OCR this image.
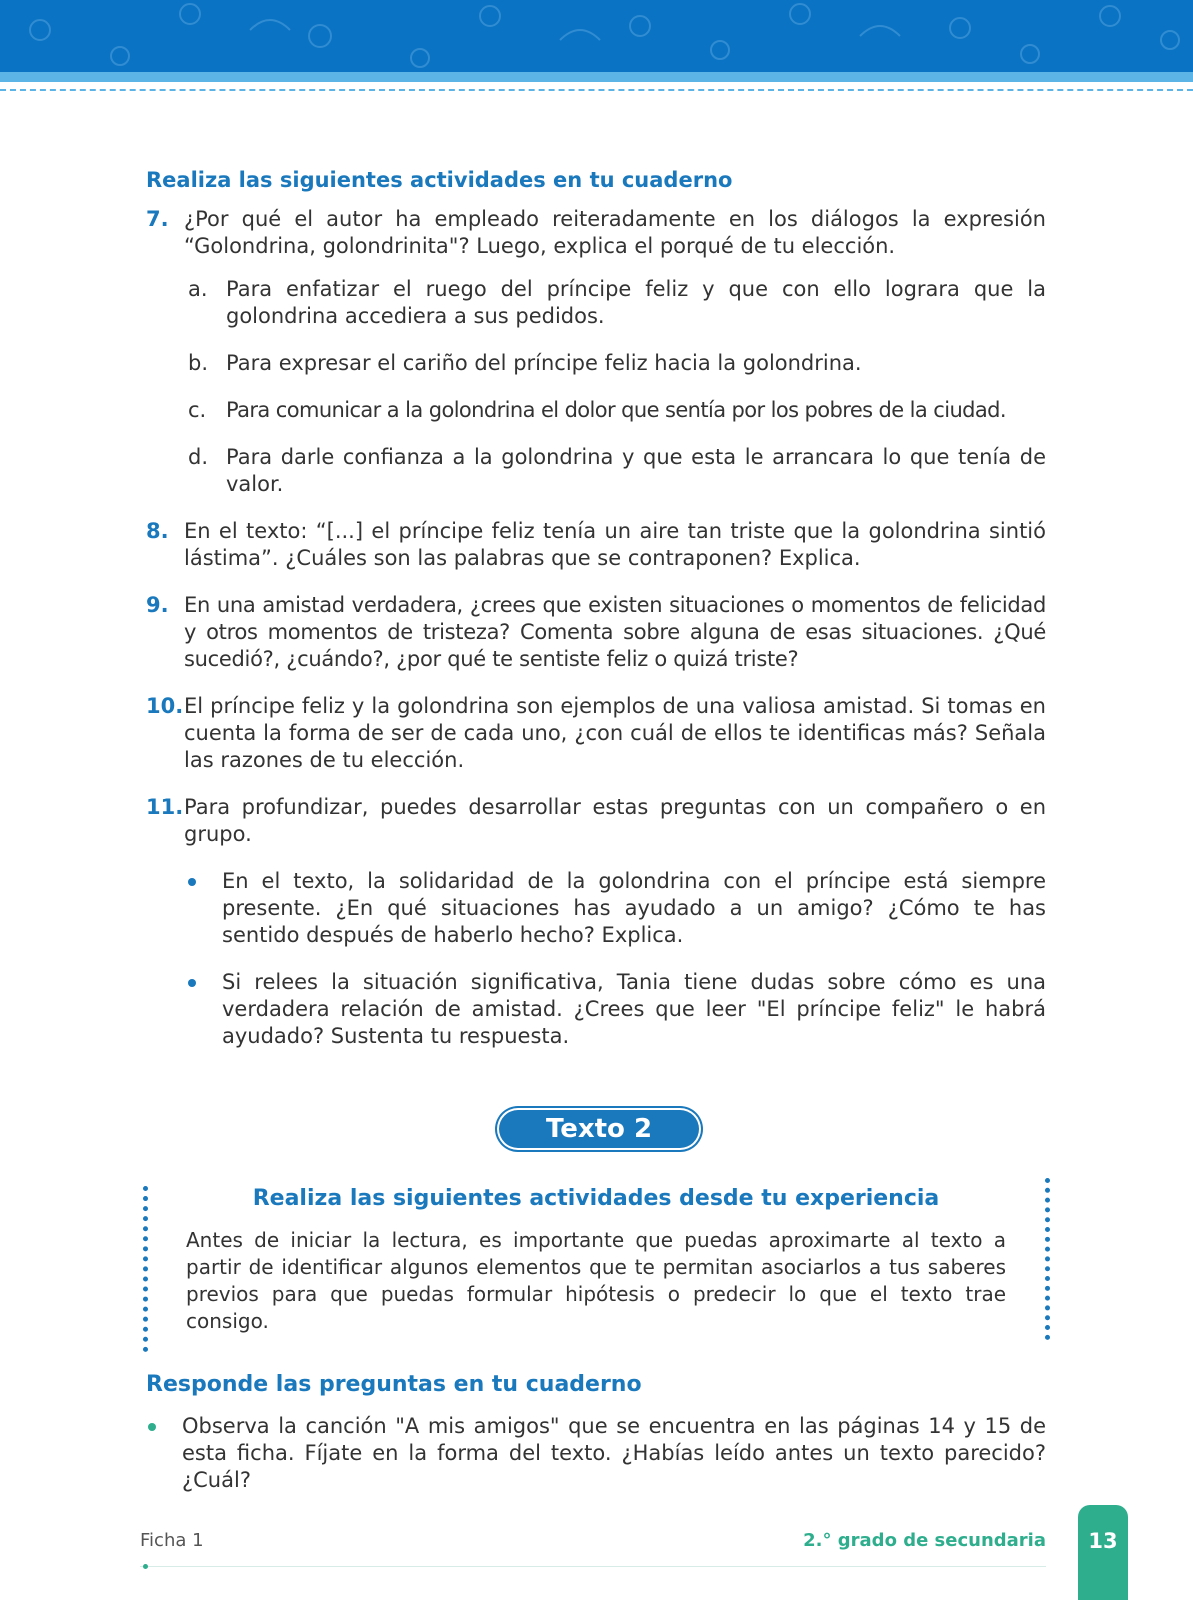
Realiza las siguientes actividades en tu cuaderno
7. ¿Por qué el autor ha empleado reiteradamente en los diálogos la expresión “Golondrina, golondrinita"? Luego, explica el porqué de tu elección.
a. Para enfatizar el ruego del príncipe feliz y que con ello lograra que la golondrina accediera a sus pedidos.
b. Para expresar el cariño del príncipe feliz hacia la golondrina.
c. Para comunicar a la golondrina el dolor que sentía por los pobres de la ciudad.
d. Para darle confianza a la golondrina y que esta le arrancara lo que tenía de valor.
8. En el texto: “[...] el príncipe feliz tenía un aire tan triste que la golondrina sintió lástima”. ¿Cuáles son las palabras que se contraponen? Explica.
9. En una amistad verdadera, ¿crees que existen situaciones o momentos de felicidad y otros momentos de tristeza? Comenta sobre alguna de esas situaciones. ¿Qué sucedió?, ¿cuándo?, ¿por qué te sentiste feliz o quizá triste?
10. El príncipe feliz y la golondrina son ejemplos de una valiosa amistad. Si tomas en cuenta la forma de ser de cada uno, ¿con cuál de ellos te identificas más? Señala las razones de tu elección.
11. Para profundizar, puedes desarrollar estas preguntas con un compañero o en grupo.
En el texto, la solidaridad de la golondrina con el príncipe está siempre presente. ¿En qué situaciones has ayudado a un amigo? ¿Cómo te has sentido después de haberlo hecho? Explica.
Si relees la situación significativa, Tania tiene dudas sobre cómo es una verdadera relación de amistad. ¿Crees que leer "El príncipe feliz" le habrá ayudado? Sustenta tu respuesta.
Texto 2
Realiza las siguientes actividades desde tu experiencia
Antes de iniciar la lectura, es importante que puedas aproximarte al texto a partir de identificar algunos elementos que te permitan asociarlos a tus saberes previos para que puedas formular hipótesis o predecir lo que el texto trae consigo.
Responde las preguntas en tu cuaderno
Observa la canción "A mis amigos" que se encuentra en las páginas 14 y 15 de esta ficha. Fíjate en la forma del texto. ¿Habías leído antes un texto parecido? ¿Cuál?
Ficha 1	2.° grado de secundaria	13
